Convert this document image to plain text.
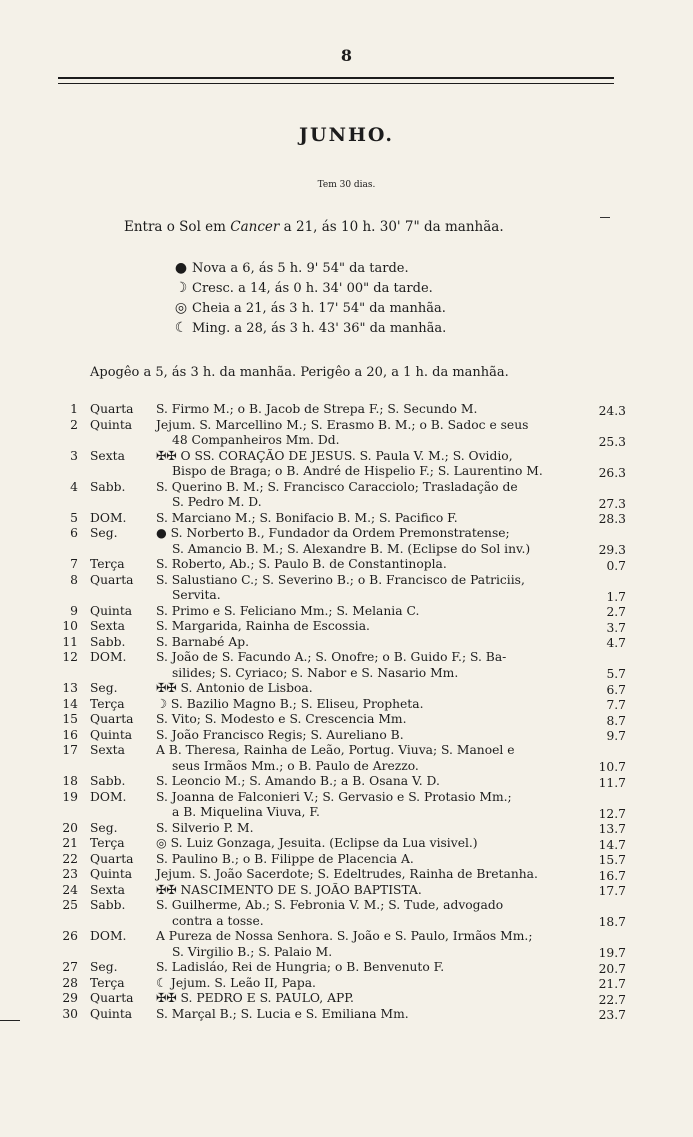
8
JUNHO.
Tem 30 dias.
Entra o Sol em Cancer a 21, ás 10 h. 30' 7" da manhãa.
● Nova a 6, ás 5 h. 9' 54" da tarde.
☽ Cresc. a 14, ás 0 h. 34' 00" da tarde.
◎ Cheia a 21, ás 3 h. 17' 54" da manhãa.
☾ Ming. a 28, ás 3 h. 43' 36" da manhãa.
Apogêo a 5, ás 3 h. da manhãa. Perigêo a 20, a 1 h. da manhãa.
1 Quarta S. Firmo M.; o B. Jacob de Strepa F.; S. Secundo M.	24.3
2 Quinta Jejum. S. Marcellino M.; S. Erasmo B. M.; o B. Sadoc e seus
48 Companheiros Mm. Dd.	25.3
3 Sexta	✠✠ O SS. CORAÇÃO DE JESUS. S. Paula V. M.; S. Ovidio,
Bispo de Braga; o B. André de Hispelio F.; S. Laurentino M.	26.3
4 Sabb. S. Querino B. M.; S. Francisco Caracciolo; Trasladação de
S. Pedro M. D.	27.3
5 DOM. S. Marciano M.; S. Bonifacio B. M.; S. Pacifico F.	28.3
6 Seg.	● S. Norberto B., Fundador da Ordem Premonstratense;
S. Amancio B. M.; S. Alexandre B. M. (Eclipse do Sol inv.)	29.3
7 Terça	S. Roberto, Ab.; S. Paulo B. de Constantinopla.	0.7
8 Quarta S. Salustiano C.; S. Severino B.; o B. Francisco de Patriciis,
Servita.	1.7
9 Quinta S. Primo e S. Feliciano Mm.; S. Melania C.	2.7
10 Sexta	S. Margarida, Rainha de Escossia.	3.7
11 Sabb. S. Barnabé Ap.	4.7
12 DOM. S. João de S. Facundo A.; S. Onofre; o B. Guido F.; S. Ba-
silides; S. Cyriaco; S. Nabor e S. Nasario Mm.	5.7
13 Seg.	✠✠ S. Antonio de Lisboa.	6.7
14 Terça	☽ S. Bazilio Magno B.; S. Eliseu, Propheta.	7.7
15 Quarta S. Vito; S. Modesto e S. Crescencia Mm.	8.7
16 Quinta S. João Francisco Regis; S. Aureliano B.	9.7
17 Sexta	A B. Theresa, Rainha de Leão, Portug. Viuva; S. Manoel e
seus Irmãos Mm.; o B. Paulo de Arezzo.	10.7
18 Sabb. S. Leoncio M.; S. Amando B.; a B. Osana V. D.	11.7
19 DOM. S. Joanna de Falconieri V.; S. Gervasio e S. Protasio Mm.;
a B. Miquelina Viuva, F.	12.7
20 Seg.	S. Silverio P. M.	13.7
21 Terça	◎ S. Luiz Gonzaga, Jesuita. (Eclipse da Lua visivel.)	14.7
22 Quarta S. Paulino B.; o B. Filippe de Placencia A.	15.7
23 Quinta Jejum. S. João Sacerdote; S. Edeltrudes, Rainha de Bretanha.	16.7
24 Sexta	✠✠ NASCIMENTO DE S. JOÃO BAPTISTA.	17.7
25 Sabb. S. Guilherme, Ab.; S. Febronia V. M.; S. Tude, advogado
contra a tosse.	18.7
26 DOM. A Pureza de Nossa Senhora. S. João e S. Paulo, Irmãos Mm.;
S. Virgilio B.; S. Palaio M.	19.7
27 Seg.	S. Ladisláo, Rei de Hungria; o B. Benvenuto F.	20.7
28 Terça	☾ Jejum. S. Leão II, Papa.	21.7
29 Quarta ✠✠ S. PEDRO E S. PAULO, APP.	22.7
30 Quinta S. Marçal B.; S. Lucia e S. Emiliana Mm.	23.7
